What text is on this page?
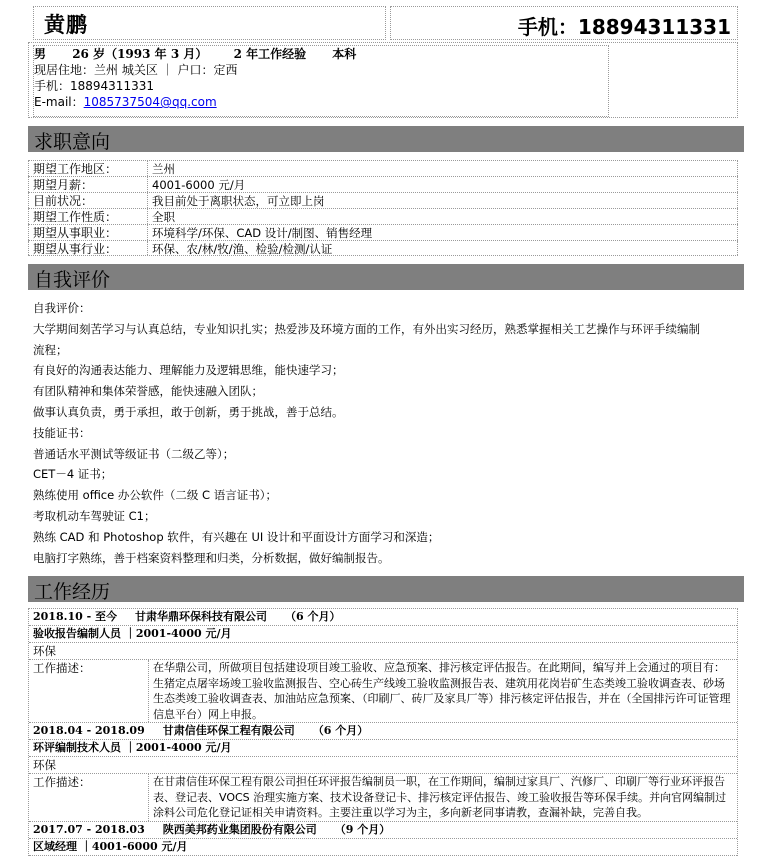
黄鹏	手机：18894311331
男 26 岁（1993 年 3 月） 2 年工作经验 本科
现居住地：兰州 城关区 ｜ 户口：定西
手机：18894311331
E-mail：1085737504@qq.com
求职意向
期望工作地区：	兰州
期望月薪：	4001-6000 元/月
目前状况：	我目前处于离职状态，可立即上岗
期望工作性质：	全职
期望从事职业：	环境科学/环保、CAD 设计/制图、销售经理
期望从事行业：	环保、农/林/牧/渔、检验/检测/认证
自我评价

自我评价：

大学期间刻苦学习与认真总结，专业知识扎实；热爱涉及环境方面的工作，有外出实习经历，熟悉掌握相关工艺操作与环评手续编制

流程；

有良好的沟通表达能力、理解能力及逻辑思维，能快速学习；

有团队精神和集体荣誉感，能快速融入团队；

做事认真负责，勇于承担，敢于创新，勇于挑战，善于总结。

技能证书：

普通话水平测试等级证书（二级乙等）；

CET－4 证书；

熟练使用 office 办公软件（二级 C 语言证书）；

考取机动车驾驶证 C1；

熟练 CAD 和 Photoshop 软件，有兴趣在 UI 设计和平面设计方面学习和深造；

电脑打字熟练，善于档案资料整理和归类，分析数据，做好编制报告。

工作经历
2018.10 - 至今 甘肃华鼎环保科技有限公司 （6 个月）
验收报告编制人员 ｜2001-4000 元/月
环保
工作描述：	在华鼎公司，所做项目包括建设项目竣工验收、应急预案、排污核定评估报告。在此期间，编写并上会通过的项目有：生猪定点屠宰场竣工验收监测报告、空心砖生产线竣工验收监测报告表、建筑用花岗岩矿生态类竣工验收调查表、砂场生态类竣工验收调查表、加油站应急预案、（印刷厂、砖厂及家具厂等）排污核定评估报告，并在（全国排污许可证管理信息平台）网上申报。
2018.04 - 2018.09 甘肃信佳环保工程有限公司 （6 个月）
环评编制技术人员 ｜2001-4000 元/月
环保
工作描述：	在甘肃信佳环保工程有限公司担任环评报告编制员一职，在工作期间，编制过家具厂、汽修厂、印刷厂等行业环评报告表、登记表、VOCS 治理实施方案、技术设备登记卡、排污核定评估报告、竣工验收报告等环保手续。并向官网编制过涂料公司危化登记证相关申请资料。主要注重以学习为主，多向新老同事请教，查漏补缺，完善自我。
2017.07 - 2018.03 陕西美邦药业集团股份有限公司 （9 个月）
区域经理 ｜4001-6000 元/月
